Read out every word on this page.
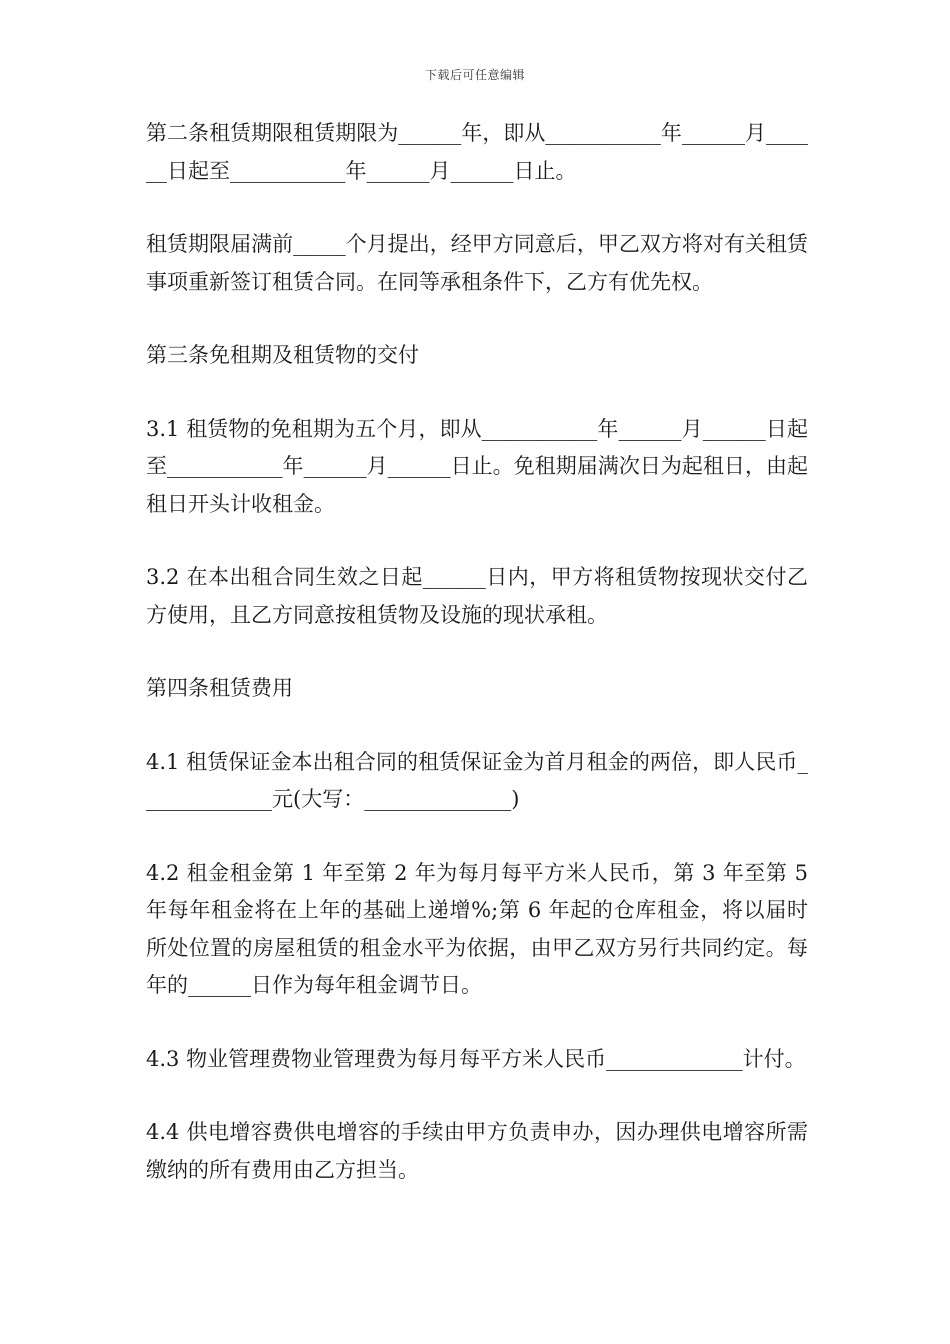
下载后可任意编辑

第二条租赁期限租赁期限为______年，即从___________年______月______日起至___________年______月______日止。

租赁期限届满前_____个月提出，经甲方同意后，甲乙双方将对有关租赁事项重新签订租赁合同。在同等承租条件下，乙方有优先权。

第三条免租期及租赁物的交付

3.1 租赁物的免租期为五个月，即从___________年______月______日起至___________年______月______日止。免租期届满次日为起租日，由起租日开头计收租金。

3.2 在本出租合同生效之日起______日内，甲方将租赁物按现状交付乙方使用，且乙方同意按租赁物及设施的现状承租。

第四条租赁费用

4.1 租赁保证金本出租合同的租赁保证金为首月租金的两倍，即人民币_____________元(大写：______________)

4.2 租金租金第 1 年至第 2 年为每月每平方米人民币，第 3 年至第 5 年每年租金将在上年的基础上递增%;第 6 年起的仓库租金，将以届时所处位置的房屋租赁的租金水平为依据，由甲乙双方另行共同约定。每年的______日作为每年租金调节日。

4.3 物业管理费物业管理费为每月每平方米人民币_____________计付。

4.4 供电增容费供电增容的手续由甲方负责申办，因办理供电增容所需缴纳的所有费用由乙方担当。
